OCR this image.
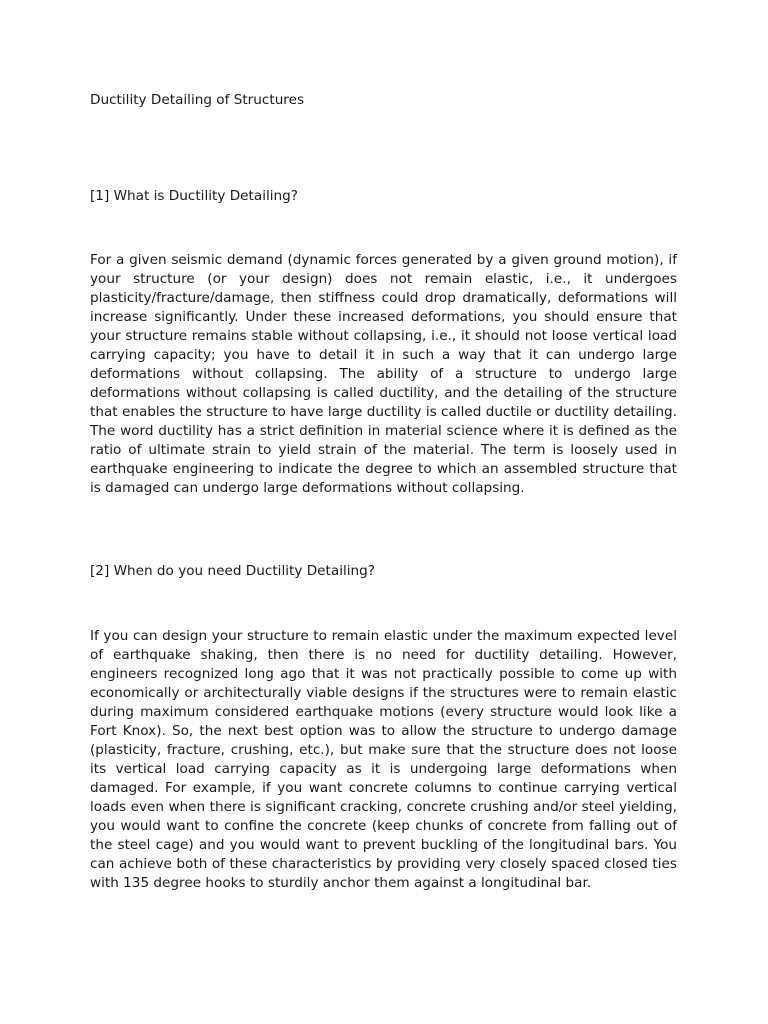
Ductility Detailing of Structures

[1] What is Ductility Detailing?

For a given seismic demand (dynamic forces generated by a given ground motion), if your structure (or your design) does not remain elastic, i.e., it undergoes plasticity/fracture/damage, then stiffness could drop dramatically, deformations will increase significantly. Under these increased deformations, you should ensure that your structure remains stable without collapsing, i.e., it should not loose vertical load carrying capacity; you have to detail it in such a way that it can undergo large deformations without collapsing. The ability of a structure to undergo large deformations without collapsing is called ductility, and the detailing of the structure that enables the structure to have large ductility is called ductile or ductility detailing. The word ductility has a strict definition in material science where it is defined as the ratio of ultimate strain to yield strain of the material. The term is loosely used in earthquake engineering to indicate the degree to which an assembled structure that is damaged can undergo large deformations without collapsing.

[2] When do you need Ductility Detailing?

If you can design your structure to remain elastic under the maximum expected level of earthquake shaking, then there is no need for ductility detailing. However, engineers recognized long ago that it was not practically possible to come up with economically or architecturally viable designs if the structures were to remain elastic during maximum considered earthquake motions (every structure would look like a Fort Knox). So, the next best option was to allow the structure to undergo damage (plasticity, fracture, crushing, etc.), but make sure that the structure does not loose its vertical load carrying capacity as it is undergoing large deformations when damaged. For example, if you want concrete columns to continue carrying vertical loads even when there is significant cracking, concrete crushing and/or steel yielding, you would want to confine the concrete (keep chunks of concrete from falling out of the steel cage) and you would want to prevent buckling of the longitudinal bars. You can achieve both of these characteristics by providing very closely spaced closed ties with 135 degree hooks to sturdily anchor them against a longitudinal bar.
